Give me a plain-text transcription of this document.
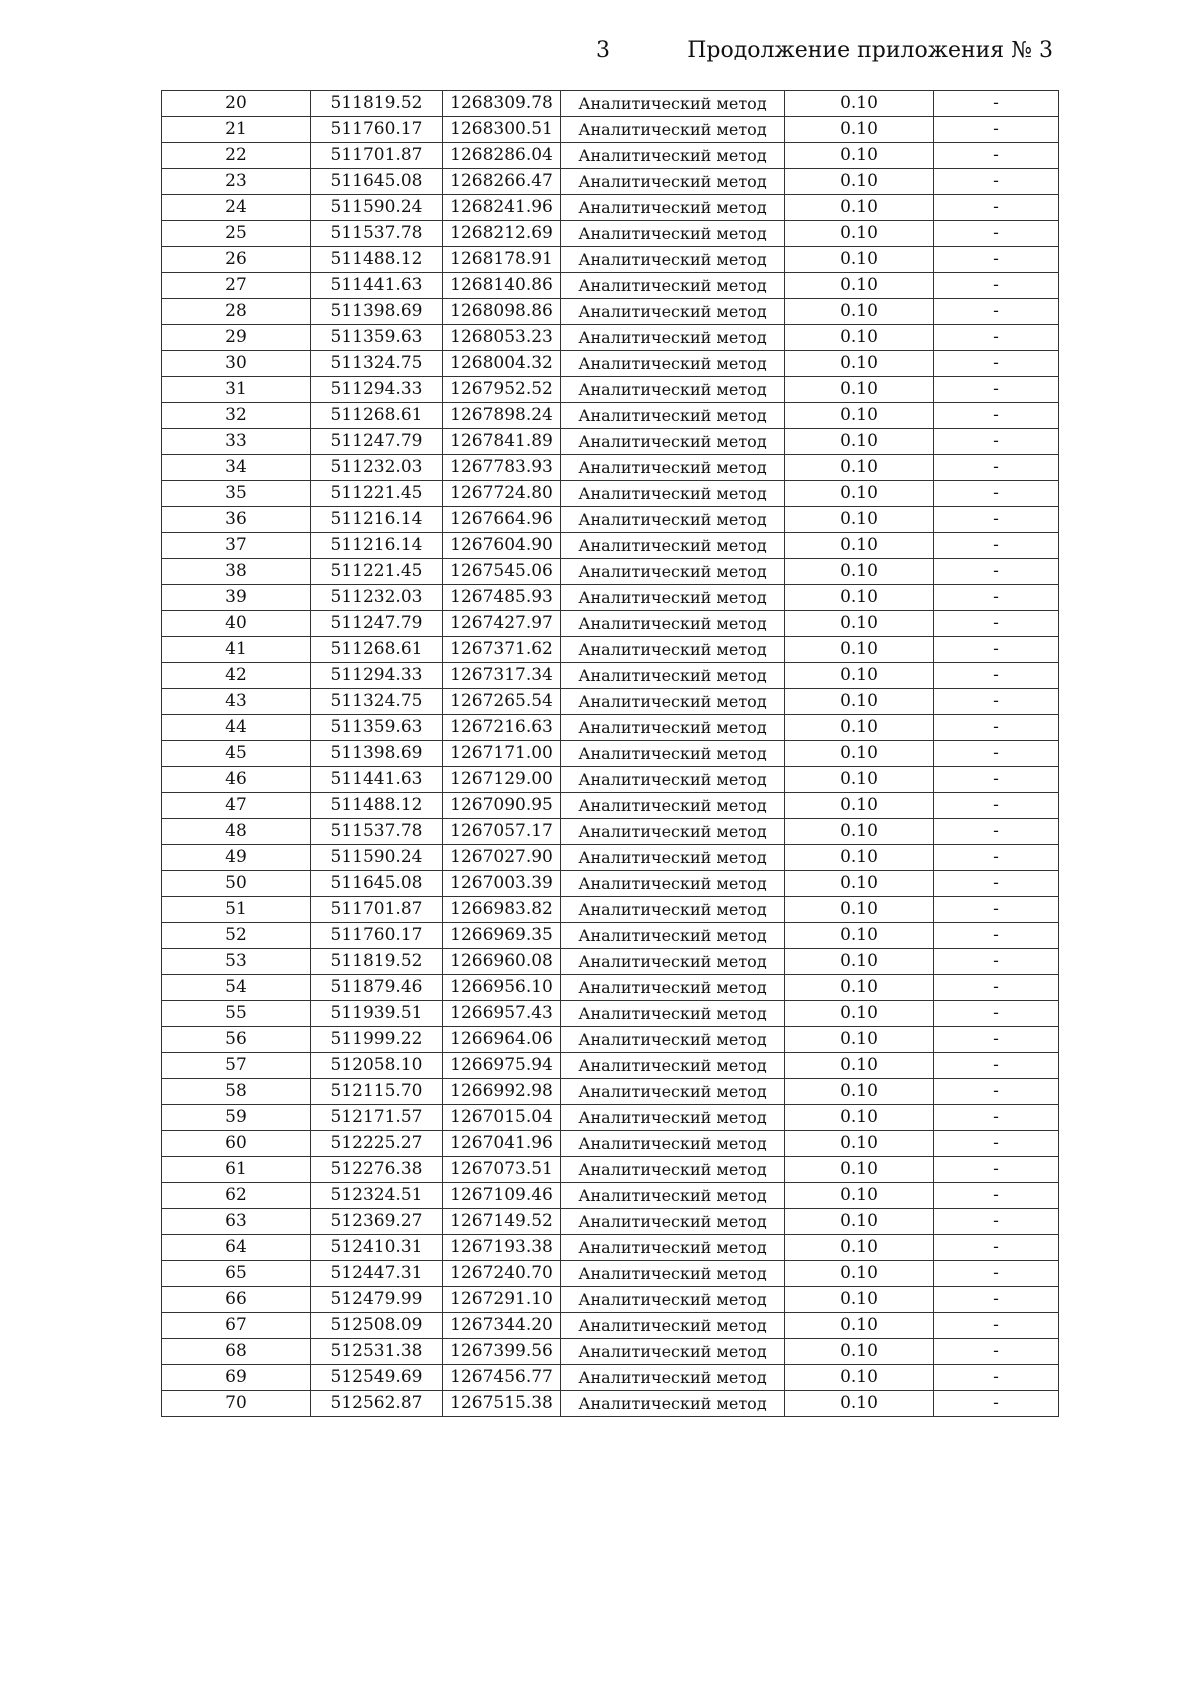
3	Продолжение приложения № 3
20	511819.52	1268309.78	Аналитический метод	0.10	-
21	511760.17	1268300.51	Аналитический метод	0.10	-
22	511701.87	1268286.04	Аналитический метод	0.10	-
23	511645.08	1268266.47	Аналитический метод	0.10	-
24	511590.24	1268241.96	Аналитический метод	0.10	-
25	511537.78	1268212.69	Аналитический метод	0.10	-
26	511488.12	1268178.91	Аналитический метод	0.10	-
27	511441.63	1268140.86	Аналитический метод	0.10	-
28	511398.69	1268098.86	Аналитический метод	0.10	-
29	511359.63	1268053.23	Аналитический метод	0.10	-
30	511324.75	1268004.32	Аналитический метод	0.10	-
31	511294.33	1267952.52	Аналитический метод	0.10	-
32	511268.61	1267898.24	Аналитический метод	0.10	-
33	511247.79	1267841.89	Аналитический метод	0.10	-
34	511232.03	1267783.93	Аналитический метод	0.10	-
35	511221.45	1267724.80	Аналитический метод	0.10	-
36	511216.14	1267664.96	Аналитический метод	0.10	-
37	511216.14	1267604.90	Аналитический метод	0.10	-
38	511221.45	1267545.06	Аналитический метод	0.10	-
39	511232.03	1267485.93	Аналитический метод	0.10	-
40	511247.79	1267427.97	Аналитический метод	0.10	-
41	511268.61	1267371.62	Аналитический метод	0.10	-
42	511294.33	1267317.34	Аналитический метод	0.10	-
43	511324.75	1267265.54	Аналитический метод	0.10	-
44	511359.63	1267216.63	Аналитический метод	0.10	-
45	511398.69	1267171.00	Аналитический метод	0.10	-
46	511441.63	1267129.00	Аналитический метод	0.10	-
47	511488.12	1267090.95	Аналитический метод	0.10	-
48	511537.78	1267057.17	Аналитический метод	0.10	-
49	511590.24	1267027.90	Аналитический метод	0.10	-
50	511645.08	1267003.39	Аналитический метод	0.10	-
51	511701.87	1266983.82	Аналитический метод	0.10	-
52	511760.17	1266969.35	Аналитический метод	0.10	-
53	511819.52	1266960.08	Аналитический метод	0.10	-
54	511879.46	1266956.10	Аналитический метод	0.10	-
55	511939.51	1266957.43	Аналитический метод	0.10	-
56	511999.22	1266964.06	Аналитический метод	0.10	-
57	512058.10	1266975.94	Аналитический метод	0.10	-
58	512115.70	1266992.98	Аналитический метод	0.10	-
59	512171.57	1267015.04	Аналитический метод	0.10	-
60	512225.27	1267041.96	Аналитический метод	0.10	-
61	512276.38	1267073.51	Аналитический метод	0.10	-
62	512324.51	1267109.46	Аналитический метод	0.10	-
63	512369.27	1267149.52	Аналитический метод	0.10	-
64	512410.31	1267193.38	Аналитический метод	0.10	-
65	512447.31	1267240.70	Аналитический метод	0.10	-
66	512479.99	1267291.10	Аналитический метод	0.10	-
67	512508.09	1267344.20	Аналитический метод	0.10	-
68	512531.38	1267399.56	Аналитический метод	0.10	-
69	512549.69	1267456.77	Аналитический метод	0.10	-
70	512562.87	1267515.38	Аналитический метод	0.10	-
